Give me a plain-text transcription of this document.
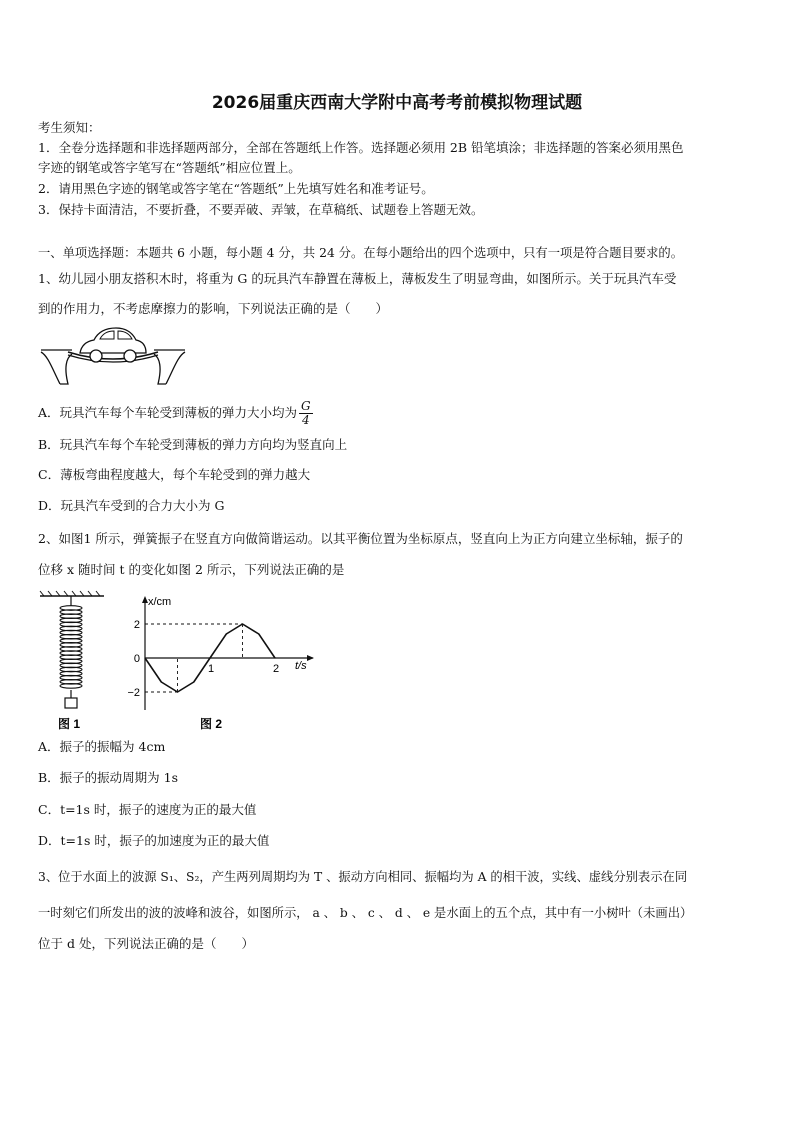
2026届重庆西南大学附中高考考前模拟物理试题
考生须知：
1．全卷分选择题和非选择题两部分，全部在答题纸上作答。选择题必须用 2B 铅笔填涂；非选择题的答案必须用黑色
字迹的钢笔或答字笔写在“答题纸”相应位置上。
2．请用黑色字迹的钢笔或答字笔在“答题纸”上先填写姓名和准考证号。
3．保持卡面清洁，不要折叠，不要弄破、弄皱，在草稿纸、试题卷上答题无效。
一、单项选择题：本题共 6 小题，每小题 4 分，共 24 分。在每小题给出的四个选项中，只有一项是符合题目要求的。
1、幼儿园小朋友搭积木时，将重为 G 的玩具汽车静置在薄板上，薄板发生了明显弯曲，如图所示。关于玩具汽车受
到的作用力，不考虑摩擦力的影响，下列说法正确的是（　　）
A．玩具汽车每个车轮受到薄板的弹力大小均为 $\frac{G}{4}$
B．玩具汽车每个车轮受到薄板的弹力方向均为竖直向上
C．薄板弯曲程度越大，每个车轮受到的弹力越大
D．玩具汽车受到的合力大小为 G
2、如图1 所示，弹簧振子在竖直方向做简谐运动。以其平衡位置为坐标原点，竖直向上为正方向建立坐标轴，振子的
位移 x 随时间 t 的变化如图 2 所示，下列说法正确的是
图 1
x/cm
t/s
2
0
−2
1	2
图 2
A．振子的振幅为 4cm
B．振子的振动周期为 1s
C．t=1s 时，振子的速度为正的最大值
D．t=1s 时，振子的加速度为正的最大值
3、位于水面上的波源 S₁、S₂，产生两列周期均为 T 、振动方向相同、振幅均为 A 的相干波，实线、虚线分别表示在同
一时刻它们所发出的波的波峰和波谷，如图所示， a 、 b 、 c 、 d 、 e 是水面上的五个点，其中有一小树叶（未画出）
位于 d 处，下列说法正确的是（　　）
